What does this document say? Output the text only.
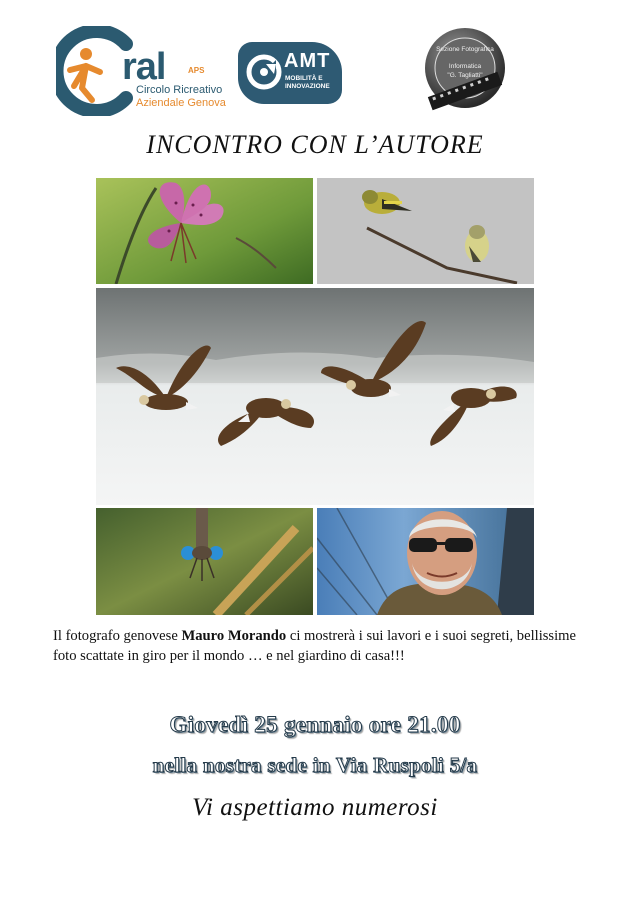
ral	APS
Circolo Ricreativo
Aziendale Genova
AMT
MOBILITÀ E
INNOVAZIONE
Sezione Fotografica
Informatica
"G. Tagliatti"
INCONTRO CON L’AUTORE
Il fotografo genovese Mauro Morando ci mostrerà i sui lavori e i suoi segreti, bellissime foto scattate in giro per il mondo … e nel giardino di casa!!!
Giovedì 25 gennaio ore 21.00
nella nostra sede in Via Ruspoli 5/a
Vi aspettiamo numerosi
